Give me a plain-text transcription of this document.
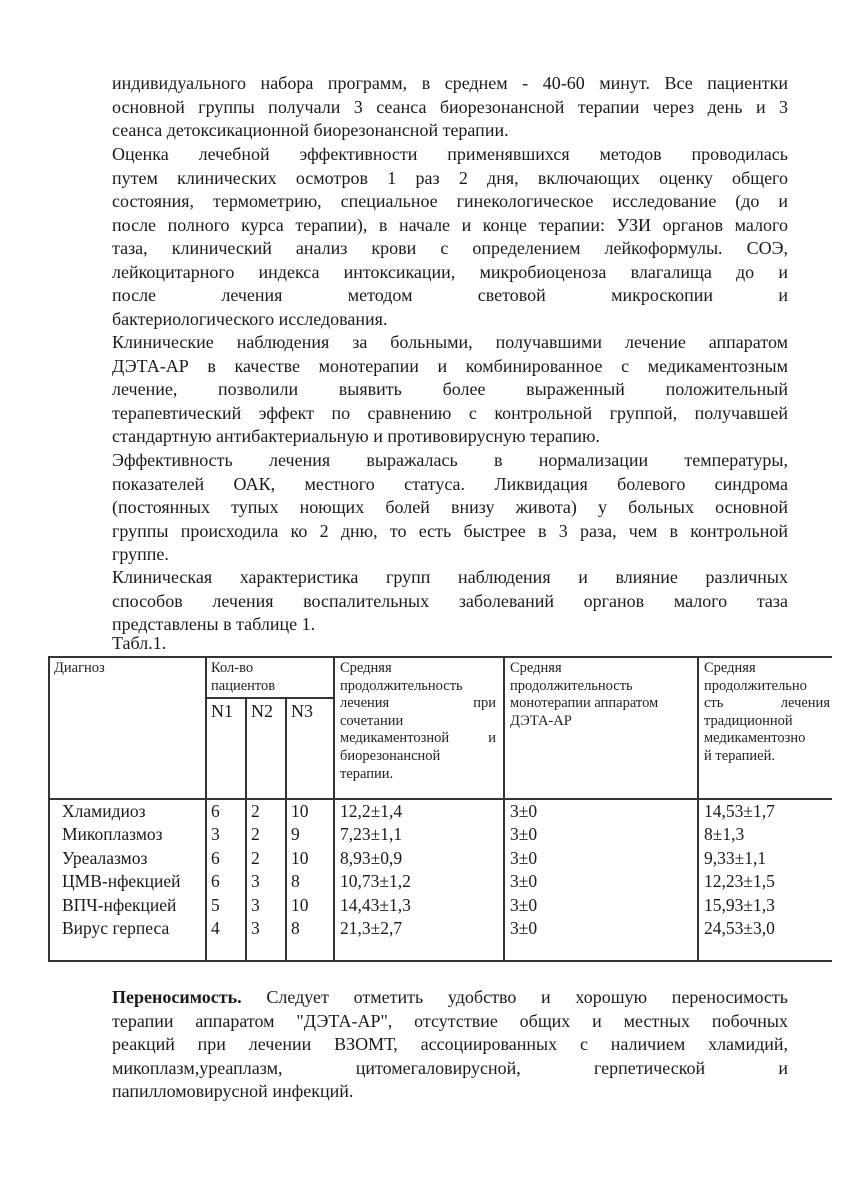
индивидуального набора программ, в среднем - 40-60 минут. Все пациентки
основной группы получали 3 сеанса биорезонансной терапии через день и 3
сеанса детоксикационной биорезонансной терапии.
Оценка лечебной эффективности применявшихся методов проводилась
путем клинических осмотров 1 раз 2 дня, включающих оценку общего
состояния, термометрию, специальное гинекологическое исследование (до и
после полного курса терапии), в начале и конце терапии: УЗИ органов малого
таза, клинический анализ крови с определением лейкоформулы. СОЭ,
лейкоцитарного индекса интоксикации, микробиоценоза влагалища до и
после лечения методом световой микроскопии и
бактериологического исследования.
Клинические наблюдения за больными, получавшими лечение аппаратом
ДЭТА-АР в качестве монотерапии и комбинированное с медикаментозным
лечение, позволили выявить более выраженный положительный
терапевтический эффект по сравнению с контрольной группой, получавшей
стандартную антибактериальную и противовирусную терапию.
Эффективность лечения выражалась в нормализации температуры,
показателей ОАК, местного статуса. Ликвидация болевого синдрома
(постоянных тупых ноющих болей внизу живота) у больных основной
группы происходила ко 2 дню, то есть быстрее в 3 раза, чем в контрольной
группе.
Клиническая характеристика групп наблюдения и влияние различных
способов лечения воспалительных заболеваний органов малого таза
представлены в таблице 1.
Табл.1.
Диагноз	Кол-во
пациентов
N1 N2 N3
Средняя
продолжительность
лечения при
сочетании
медикаментозной и
биорезонансной
терапии.
Средняя
продолжительность
монотерапии аппаратом
ДЭТА-АР
Средняя
продолжительно
сть лечения
традиционной
медикаментозно
й терапией.
Хламидиоз	6 2 10 12,2±1,4	3±0	14,53±1,7
Микоплазмоз	3 2 9 7,23±1,1	3±0	8±1,3
Уреалазмоз	6 2 10 8,93±0,9	3±0	9,33±1,1
ЦМВ-нфекцией 6 3 8 10,73±1,2	3±0	12,23±1,5
ВПЧ-нфекцией 5 3 10 14,43±1,3	3±0	15,93±1,3
Вирус герпеса 4 3 8 21,3±2,7	3±0	24,53±3,0
Переносимость. Следует отметить удобство и хорошую переносимость
терапии аппаратом "ДЭТА-АР", отсутствие общих и местных побочных
реакций при лечении ВЗОМТ, ассоциированных с наличием хламидий,
микоплазм,уреаплазм, цитомегаловирусной, герпетической и
папилломовирусной инфекций.
